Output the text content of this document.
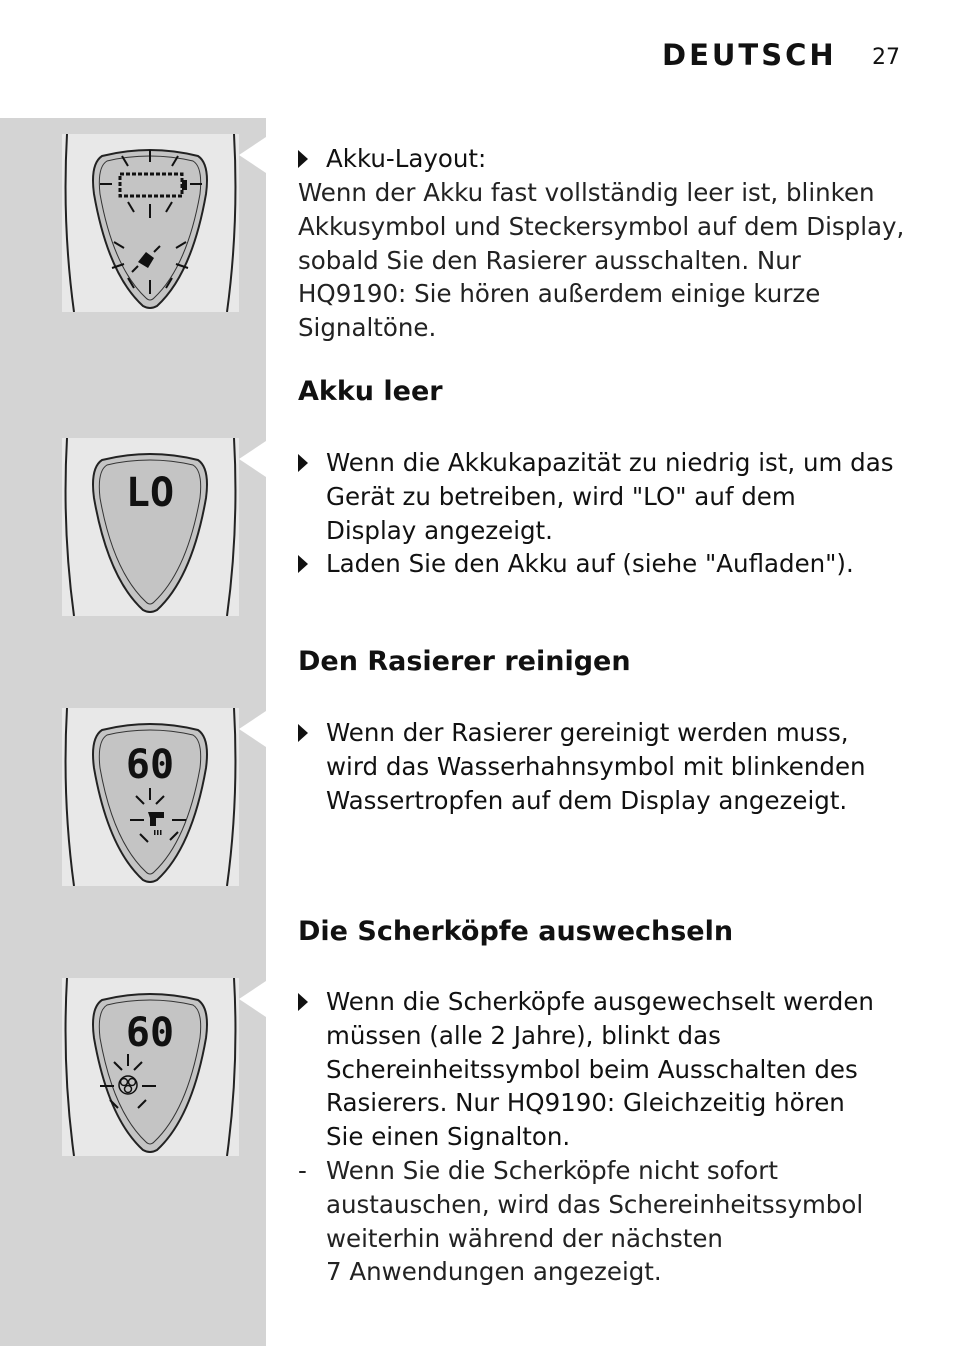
DEUTSCH 27
LO
60
60
Akku-Layout:
Wenn der Akku fast vollständig leer ist, blinken
Akkusymbol und Steckersymbol auf dem Display,
sobald Sie den Rasierer ausschalten. Nur
HQ9190: Sie hören außerdem einige kurze
Signaltöne.
Akku leer
Wenn die Akkukapazität zu niedrig ist, um das
Gerät zu betreiben, wird "LO" auf dem
Display angezeigt.
Laden Sie den Akku auf (siehe "Aufladen").
Den Rasierer reinigen
Wenn der Rasierer gereinigt werden muss,
wird das Wasserhahnsymbol mit blinkenden
Wassertropfen auf dem Display angezeigt.
Die Scherköpfe auswechseln
Wenn die Scherköpfe ausgewechselt werden
müssen (alle 2 Jahre), blinkt das
Schereinheitssymbol beim Ausschalten des
Rasierers. Nur HQ9190: Gleichzeitig hören
Sie einen Signalton.
- Wenn Sie die Scherköpfe nicht sofort
austauschen, wird das Schereinheitssymbol
weiterhin während der nächsten
7 Anwendungen angezeigt.
